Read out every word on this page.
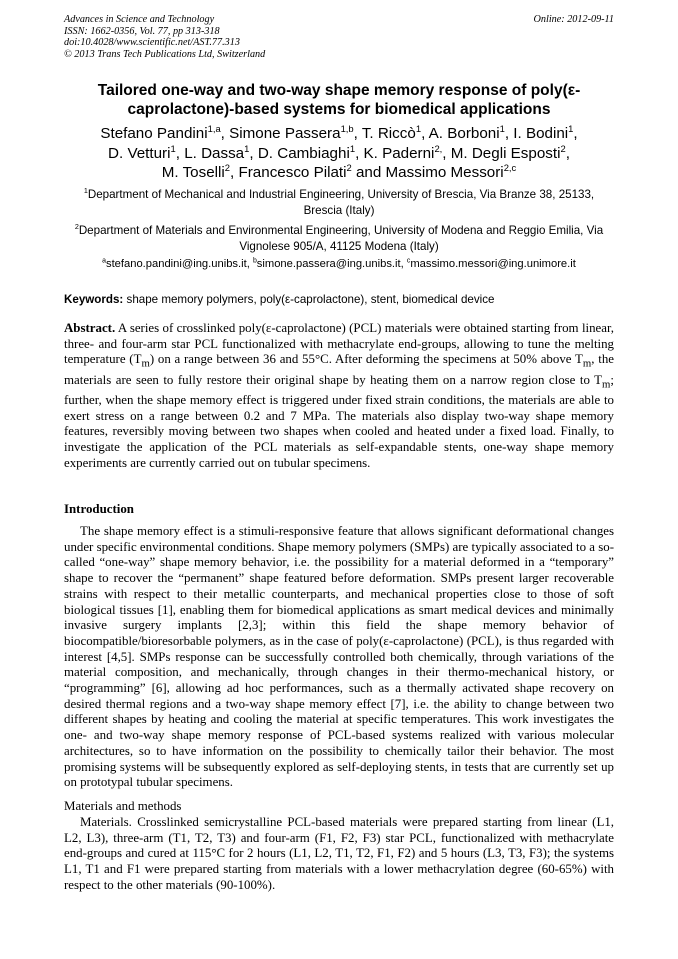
Advances in Science and Technology
ISSN: 1662-0356, Vol. 77, pp 313-318
doi:10.4028/www.scientific.net/AST.77.313
© 2013 Trans Tech Publications Ltd, Switzerland
Online: 2012-09-11
Tailored one-way and two-way shape memory response of poly(ε-caprolactone)-based systems for biomedical applications
Stefano Pandini$^{1,a}$, Simone Passera$^{1,b}$, T. Riccò$^1$, A. Borboni$^1$, I. Bodini$^1$,
D. Vetturi$^1$, L. Dassa$^1$, D. Cambiaghi$^1$, K. Paderni$^{2,}$, M. Degli Esposti$^2$,
M. Toselli$^2$, Francesco Pilati$^2$ and Massimo Messori$^{2,c}$
$^1$Department of Mechanical and Industrial Engineering, University of Brescia, Via Branze 38, 25133, Brescia (Italy)
$^2$Department of Materials and Environmental Engineering, University of Modena and Reggio Emilia, Via Vignolese 905/A, 41125 Modena (Italy)
$^a$stefano.pandini@ing.unibs.it, $^b$simone.passera@ing.unibs.it, $^c$massimo.messori@ing.unimore.it
Keywords: shape memory polymers, poly(ε-caprolactone), stent, biomedical device
Abstract. A series of crosslinked poly(ε-caprolactone) (PCL) materials were obtained starting from linear, three- and four-arm star PCL functionalized with methacrylate end-groups, allowing to tune the melting temperature $(T_m)$ on a range between 36 and 55°C. After deforming the specimens at 50% above $T_m$, the materials are seen to fully restore their original shape by heating them on a narrow region close to $T_m$; further, when the shape memory effect is triggered under fixed strain conditions, the materials are able to exert stress on a range between 0.2 and 7 MPa. The materials also display two-way shape memory features, reversibly moving between two shapes when cooled and heated under a fixed load. Finally, to investigate the application of the PCL materials as self-expandable stents, one-way shape memory experiments are currently carried out on tubular specimens.
Introduction

The shape memory effect is a stimuli-responsive feature that allows significant deformational changes under specific environmental conditions. Shape memory polymers (SMPs) are typically associated to a so-called “one-way” shape memory behavior, i.e. the possibility for a material deformed in a “temporary” shape to recover the “permanent” shape featured before deformation. SMPs present larger recoverable strains with respect to their metallic counterparts, and mechanical properties close to those of soft biological tissues [1], enabling them for biomedical applications as smart medical devices and minimally invasive surgery implants [2,3]; within this field the shape memory behavior of biocompatible/bioresorbable polymers, as in the case of poly(ε-caprolactone) (PCL), is thus regarded with interest [4,5]. SMPs response can be successfully controlled both chemically, through variations of the material composition, and mechanically, through changes in their thermo-mechanical history, or “programming” [6], allowing ad hoc performances, such as a thermally activated shape recovery on desired thermal regions and a two-way shape memory effect [7], i.e. the ability to change between two different shapes by heating and cooling the material at specific temperatures. This work investigates the one- and two-way shape memory response of PCL-based systems realized with various molecular architectures, so to have information on the possibility to chemically tailor their behavior. The most promising systems will be subsequently explored as self-deploying stents, in tests that are currently set up on prototypal tubular specimens.

Materials and methods

Materials. Crosslinked semicrystalline PCL-based materials were prepared starting from linear (L1, L2, L3), three-arm (T1, T2, T3) and four-arm (F1, F2, F3) star PCL, functionalized with methacrylate end-groups and cured at 115°C for 2 hours (L1, L2, T1, T2, F1, F2) and 5 hours (L3, T3, F3); the systems L1, T1 and F1 were prepared starting from materials with a lower methacrylation degree (60-65%) with respect to the other materials (90-100%).
